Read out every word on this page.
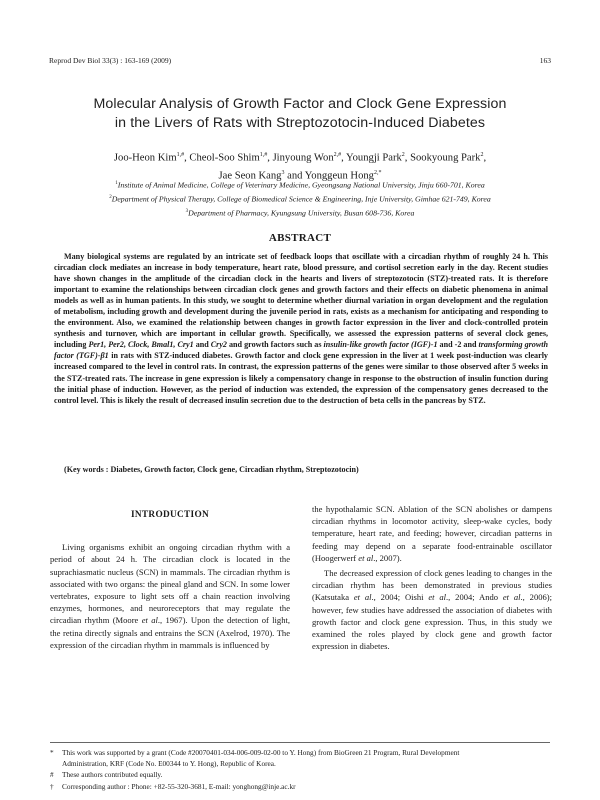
Reprod Dev Biol 33(3) : 163-169 (2009)	163
Molecular Analysis of Growth Factor and Clock Gene Expression
in the Livers of Rats with Streptozotocin-Induced Diabetes
Joo-Heon Kim$^{1,\#}$, Cheol-Soo Shim$^{1,\#}$, Jinyoung Won$^{2,\#}$, Youngji Park$^2$, Sookyoung Park$^2$,
Jae Seon Kang$^3$ and Yonggeun Hong$^{2,*}$
$^1$Institute of Animal Medicine, College of Veterinary Medicine, Gyeongsang National University, Jinju 660-701, Korea
$^2$Department of Physical Therapy, College of Biomedical Science & Engineering, Inje University, Gimhae 621-749, Korea
$^3$Department of Pharmacy, Kyungsung University, Busan 608-736, Korea
ABSTRACT
Many biological systems are regulated by an intricate set of feedback loops that oscillate with a circadian rhythm of roughly 24 h. This circadian clock mediates an increase in body temperature, heart rate, blood pressure, and cortisol secretion early in the day. Recent studies have shown changes in the amplitude of the circadian clock in the hearts and livers of streptozotocin (STZ)-treated rats. It is therefore important to examine the relationships between circadian clock genes and growth factors and their effects on diabetic phenomena in animal models as well as in human patients. In this study, we sought to determine whether diurnal variation in organ development and the regulation of metabolism, including growth and development during the juvenile period in rats, exists as a mechanism for anticipating and responding to the environment. Also, we examined the relationship between changes in growth factor expression in the liver and clock-controlled protein synthesis and turnover, which are important in cellular growth. Specifically, we assessed the expression patterns of several clock genes, including Per1, Per2, Clock, Bmal1, Cry1 and Cry2 and growth factors such as insulin-like growth factor (IGF)-1 and -2 and transforming growth factor (TGF)-β1 in rats with STZ-induced diabetes. Growth factor and clock gene expression in the liver at 1 week post-induction was clearly increased compared to the level in control rats. In contrast, the expression patterns of the genes were similar to those observed after 5 weeks in the STZ-treated rats. The increase in gene expression is likely a compensatory change in response to the obstruction of insulin function during the initial phase of induction. However, as the period of induction was extended, the expression of the compensatory genes decreased to the control level. This is likely the result of decreased insulin secretion due to the destruction of beta cells in the pancreas by STZ.
(Key words : Diabetes, Growth factor, Clock gene, Circadian rhythm, Streptozotocin)
INTRODUCTION

Living organisms exhibit an ongoing circadian rhythm with a period of about 24 h. The circadian clock is located in the suprachiasmatic nucleus (SCN) in mammals. The circadian rhythm is associated with two organs: the pineal gland and SCN. In some lower vertebrates, exposure to light sets off a chain reaction involving enzymes, hormones, and neuroreceptors that may regulate the circadian rhythm (Moore et al., 1967). Upon the detection of light, the retina directly signals and entrains the SCN (Axelrod, 1970). The expression of the circadian rhythm in mammals is influenced by

the hypothalamic SCN. Ablation of the SCN abolishes or dampens circadian rhythms in locomotor activity, sleep-wake cycles, body temperature, heart rate, and feeding; however, circadian patterns in feeding may depend on a separate food-entrainable oscillator (Hoogerwerf et al., 2007).

The decreased expression of clock genes leading to changes in the circadian rhythm has been demonstrated in previous studies (Katsutaka et al., 2004; Oishi et al., 2004; Ando et al., 2006); however, few studies have addressed the association of diabetes with growth factor and clock gene expression. Thus, in this study we examined the roles played by clock gene and growth factor expression in diabetes.

*	This work was supported by a grant (Code #20070401-034-006-009-02-00 to Y. Hong) from BioGreen 21 Program, Rural Development
Administration, KRF (Code No. E00344 to Y. Hong), Republic of Korea.
#	These authors contributed equally.
†	Corresponding author : Phone: +82-55-320-3681, E-mail: yonghong@inje.ac.kr
